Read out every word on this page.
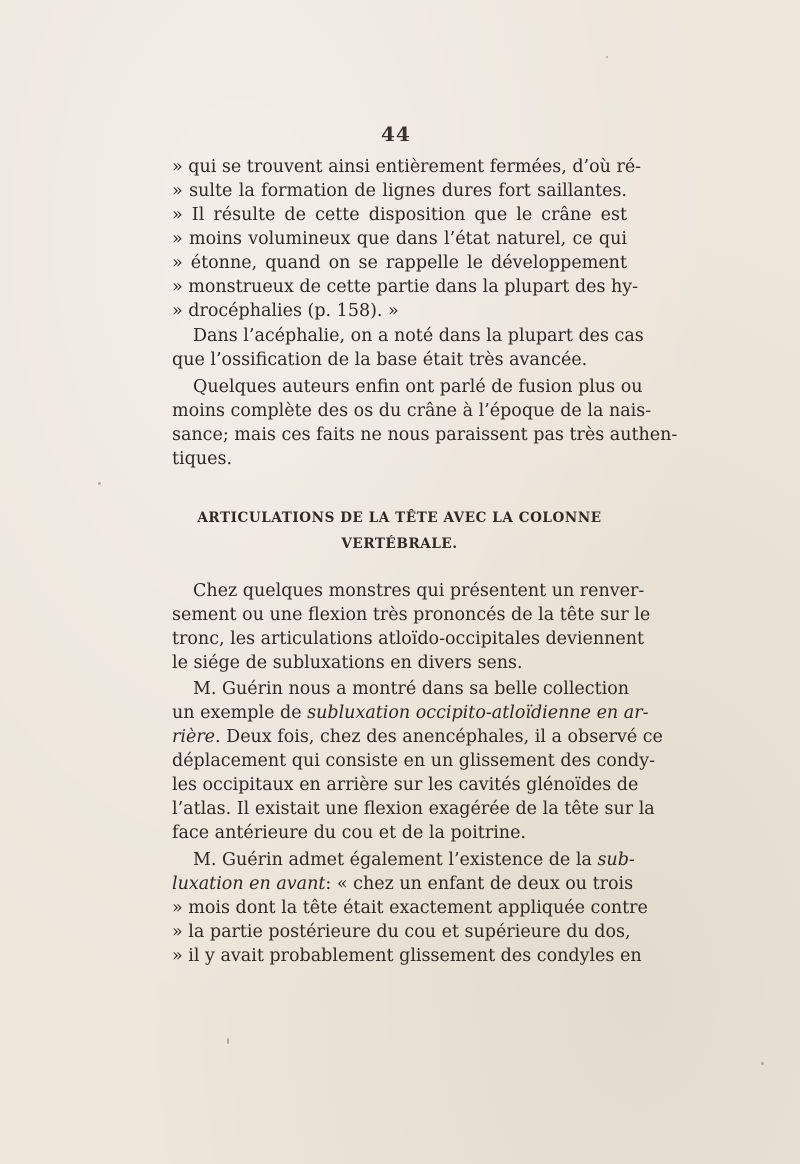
44
» qui se trouvent ainsi entièrement fermées, d’où ré-
» sulte la formation de lignes dures fort saillantes.
» Il résulte de cette disposition que le crâne est
» moins volumineux que dans l’état naturel, ce qui
» étonne, quand on se rappelle le développement
» monstrueux de cette partie dans la plupart des hy-
» drocéphalies (p. 158). »
Dans l’acéphalie, on a noté dans la plupart des cas
que l’ossification de la base était très avancée.
Quelques auteurs enfin ont parlé de fusion plus ou
moins complète des os du crâne à l’époque de la nais-
sance; mais ces faits ne nous paraissent pas très authen-
tiques.
ARTICULATIONS DE LA TÊTE AVEC LA COLONNE
VERTÉBRALE.
Chez quelques monstres qui présentent un renver-
sement ou une flexion très prononcés de la tête sur le
tronc, les articulations atloïdo-occipitales deviennent
le siége de subluxations en divers sens.
M. Guérin nous a montré dans sa belle collection
un exemple de subluxation occipito-atloïdienne en ar-
rière. Deux fois, chez des anencéphales, il a observé ce
déplacement qui consiste en un glissement des condy-
les occipitaux en arrière sur les cavités glénoïdes de
l’atlas. Il existait une flexion exagérée de la tête sur la
face antérieure du cou et de la poitrine.
M. Guérin admet également l’existence de la sub-
luxation en avant: « chez un enfant de deux ou trois
» mois dont la tête était exactement appliquée contre
» la partie postérieure du cou et supérieure du dos,
» il y avait probablement glissement des condyles en
